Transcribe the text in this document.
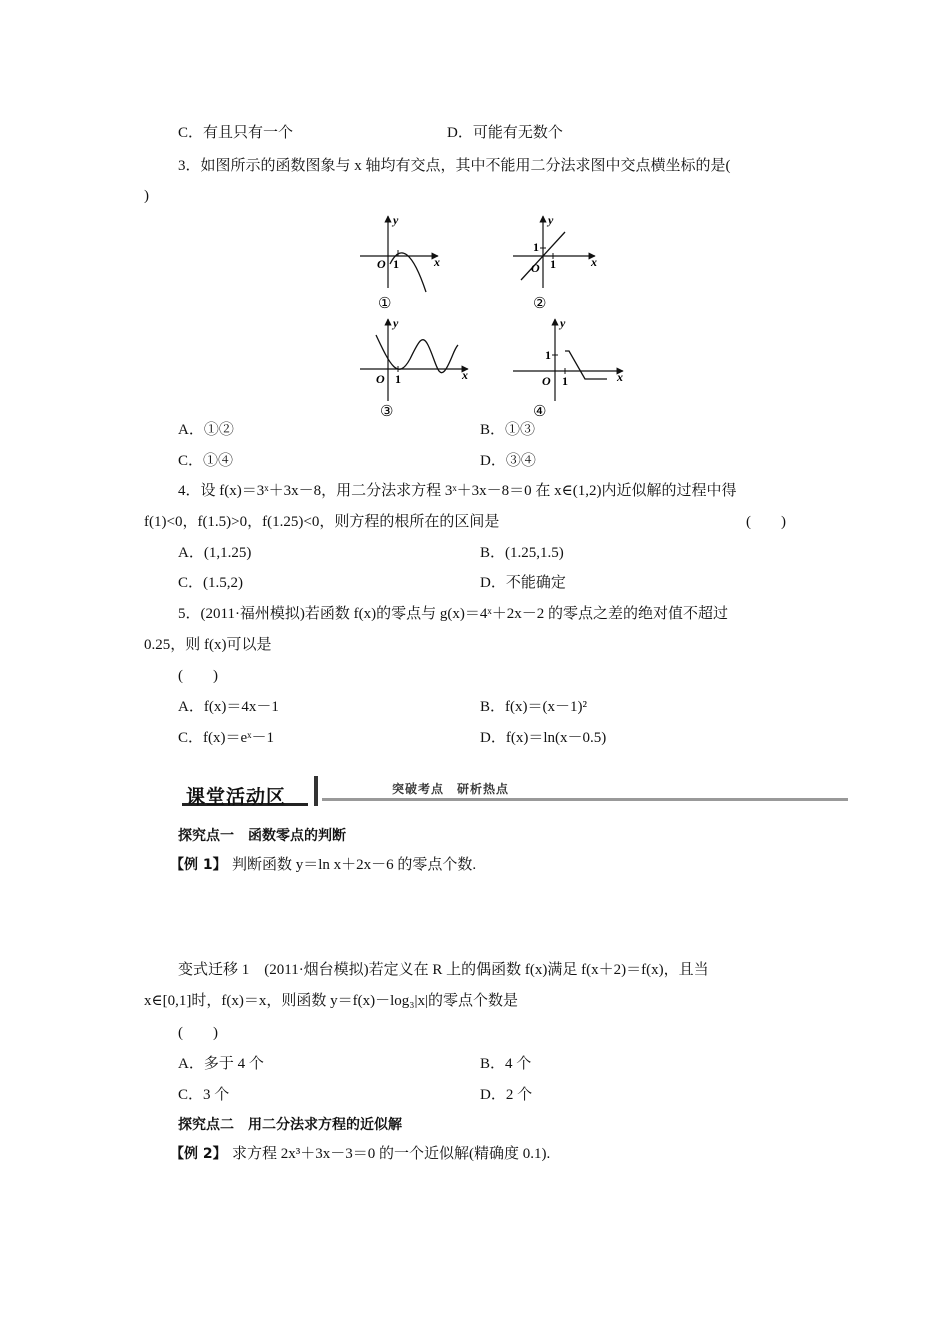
C．有且只有一个	D．可能有无数个
3．如图所示的函数图象与 x 轴均有交点，其中不能用二分法求图中交点横坐标的是(
)
y
x
O 1
①
y
x
O
1
1
②
y
x
O 1
③
y
x
O
1
1
④
A．①②	B．①③
C．①④	D．③④
4．设 f(x)＝3ˣ＋3x－8，用二分法求方程 3ˣ＋3x－8＝0 在 x∈(1,2)内近似解的过程中得
f(1)<0，f(1.5)>0，f(1.25)<0，则方程的根所在的区间是	(　　)
A．(1,1.25)	B．(1.25,1.5)
C．(1.5,2)	D．不能确定
5．(2011·福州模拟)若函数 f(x)的零点与 g(x)＝4ˣ＋2x－2 的零点之差的绝对值不超过
0.25，则 f(x)可以是
(　　)
A．f(x)＝4x－1	B．f(x)＝(x－1)²
C．f(x)＝eˣ－1	D．f(x)＝ln(x－0.5)
课堂活动区	突破考点　研析热点
探究点一　函数零点的判断
【例 1】 判断函数 y＝ln x＋2x－6 的零点个数.
变式迁移 1　(2011·烟台模拟)若定义在 R 上的偶函数 f(x)满足 f(x＋2)＝f(x)，且当
x∈[0,1]时，f(x)＝x，则函数 y＝f(x)－log₃|x|的零点个数是
(　　)
A．多于 4 个	B．4 个
C．3 个	D．2 个
探究点二　用二分法求方程的近似解
【例 2】 求方程 2x³＋3x－3＝0 的一个近似解(精确度 0.1).
